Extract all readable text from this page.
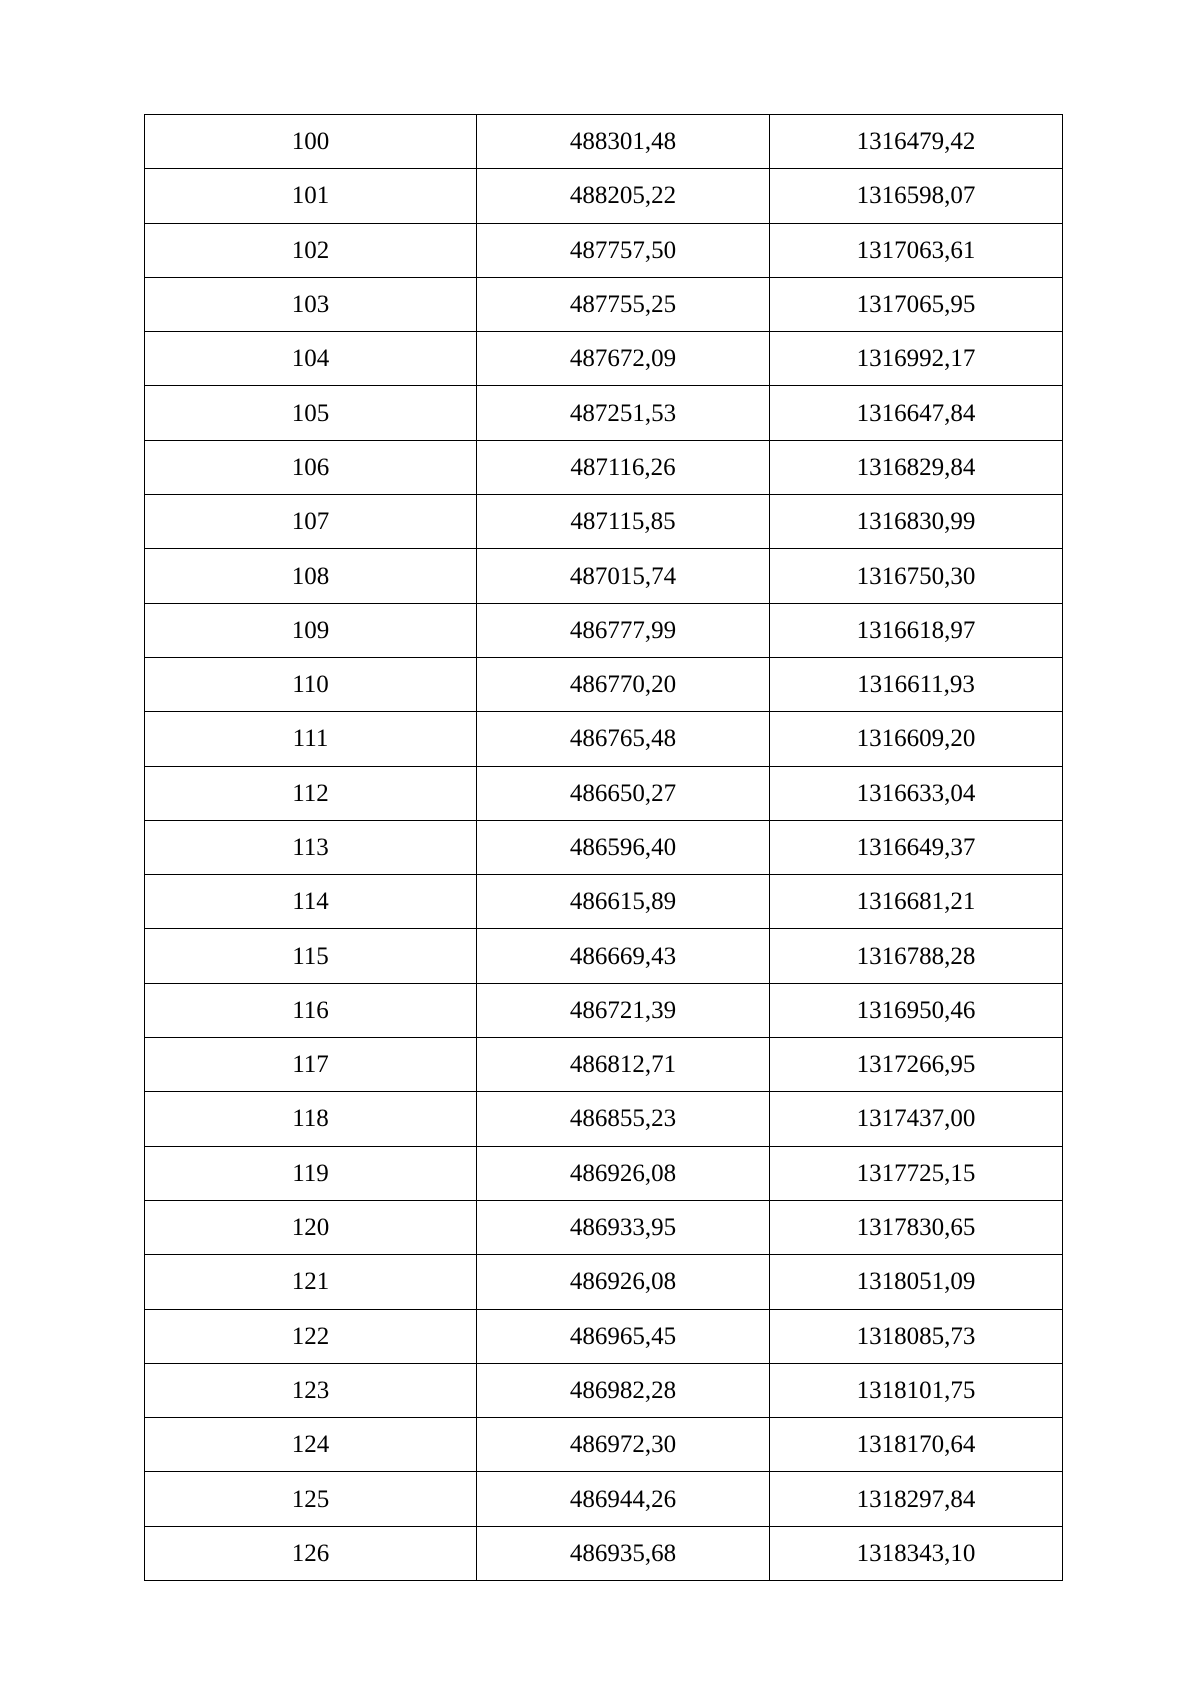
100	488301,48	1316479,42
101	488205,22	1316598,07
102	487757,50	1317063,61
103	487755,25	1317065,95
104	487672,09	1316992,17
105	487251,53	1316647,84
106	487116,26	1316829,84
107	487115,85	1316830,99
108	487015,74	1316750,30
109	486777,99	1316618,97
110	486770,20	1316611,93
111	486765,48	1316609,20
112	486650,27	1316633,04
113	486596,40	1316649,37
114	486615,89	1316681,21
115	486669,43	1316788,28
116	486721,39	1316950,46
117	486812,71	1317266,95
118	486855,23	1317437,00
119	486926,08	1317725,15
120	486933,95	1317830,65
121	486926,08	1318051,09
122	486965,45	1318085,73
123	486982,28	1318101,75
124	486972,30	1318170,64
125	486944,26	1318297,84
126	486935,68	1318343,10
